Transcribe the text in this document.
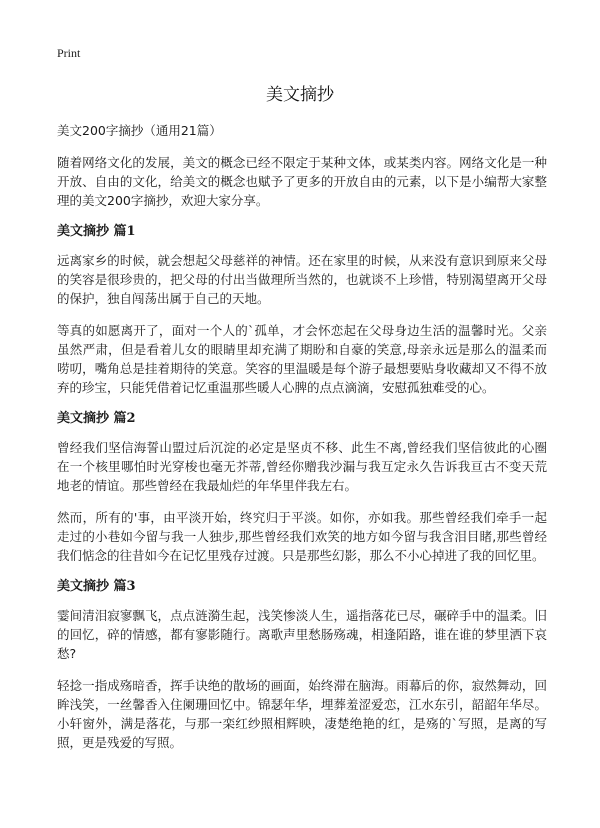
Print
美文摘抄

美文200字摘抄（通用21篇）

随着网络文化的发展，美文的概念已经不限定于某种文体，或某类内容。网络文化是一种开放、自由的文化，给美文的概念也赋予了更多的开放自由的元素，以下是小编帮大家整理的美文200字摘抄，欢迎大家分享。

美文摘抄 篇1

远离家乡的时候，就会想起父母慈祥的神情。还在家里的时候，从来没有意识到原来父母的笑容是很珍贵的，把父母的付出当做理所当然的，也就谈不上珍惜，特别渴望离开父母的保护，独自闯荡出属于自己的天地。

等真的如愿离开了，面对一个人的`孤单，才会怀恋起在父母身边生活的温馨时光。父亲虽然严肃，但是看着儿女的眼睛里却充满了期盼和自豪的笑意,母亲永远是那么的温柔而唠叨，嘴角总是挂着期待的笑意。笑容的里温暖是每个游子最想要贴身收藏却又不得不放弃的珍宝，只能凭借着记忆重温那些暖人心脾的点点滴滴，安慰孤独难受的心。

美文摘抄 篇2

曾经我们坚信海誓山盟过后沉淀的必定是坚贞不移、此生不离,曾经我们坚信彼此的心圈在一个核里哪怕时光穿梭也毫无芥蒂,曾经你赠我沙漏与我互定永久告诉我亘古不变天荒地老的情谊。那些曾经在我最灿烂的年华里伴我左右。

然而，所有的'事，由平淡开始，终究归于平淡。如你，亦如我。那些曾经我们牵手一起走过的小巷如今留与我一人独步,那些曾经我们欢笑的地方如今留与我含泪目睹,那些曾经我们惦念的往昔如今在记忆里残存过渡。只是那些幻影，那么不小心掉进了我的回忆里。

美文摘抄 篇3

霎间清泪寂寥飘飞，点点涟漪生起，浅笑惨淡人生，遥指落花已尽，碾碎手中的温柔。旧的回忆，碎的情感，都有寥影随行。离歌声里愁肠殇魂，相逢陌路，谁在谁的梦里洒下哀愁?

轻捻一指成殇暗香，挥手诀绝的散场的画面，始终滞在脑海。雨幕后的你，寂然舞动，回眸浅笑，一丝馨香入住阑珊回忆中。锦瑟年华，埋葬羞涩爱恋，江水东引，韶韶年华尽。小轩窗外，满是落花，与那一栾红纱照相辉映，凄楚绝艳的红，是殇的`写照，是离的写照，更是残爱的写照。
